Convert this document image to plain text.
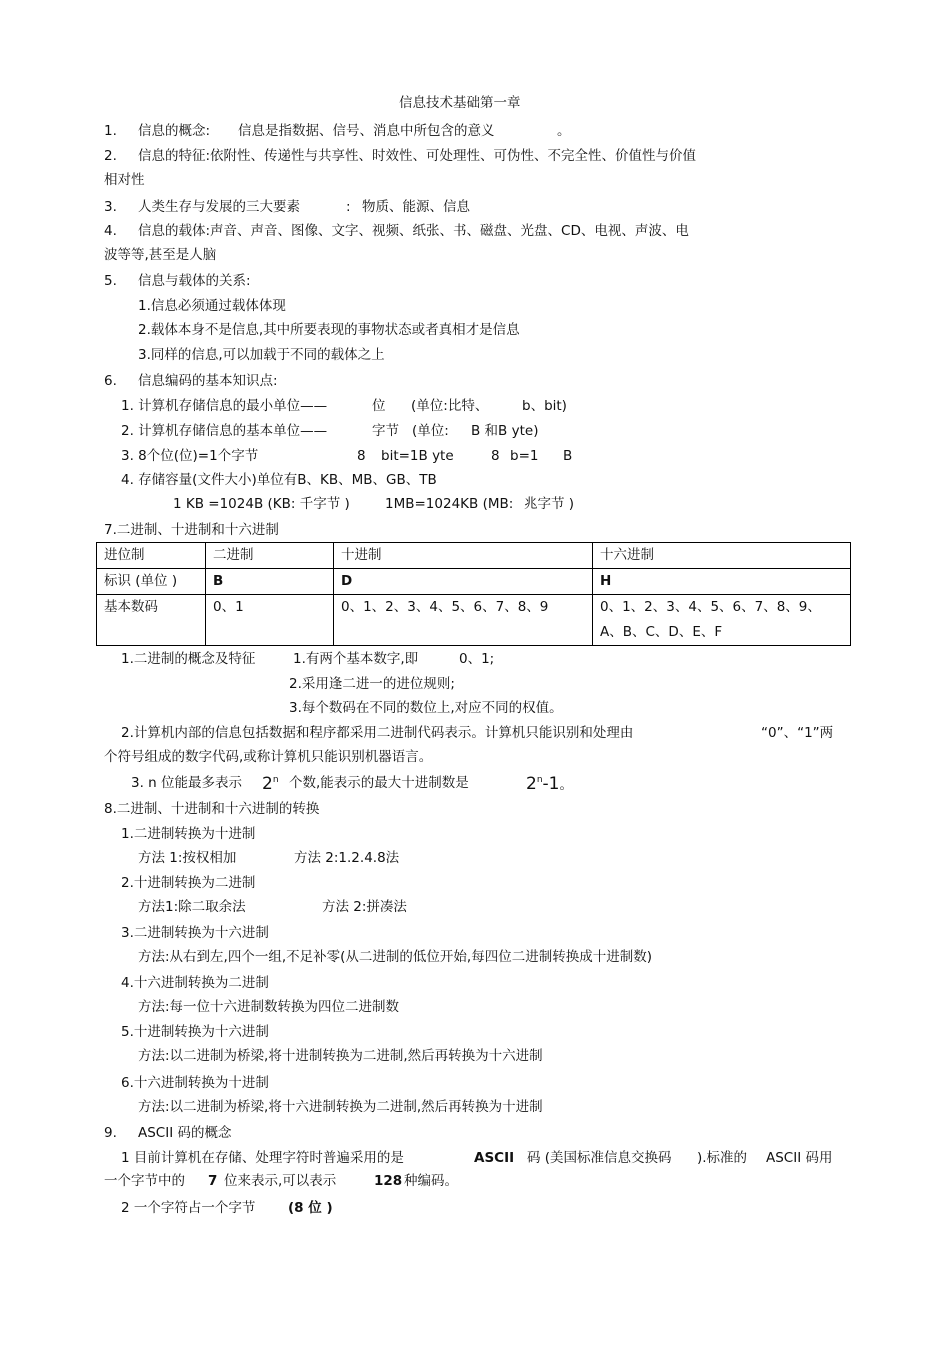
信息技术基础第一章
1. 信息的概念: 信息是指数据、信号、消息中所包含的意义	。
2. 信息的特征:依附性、传递性与共享性、时效性、可处理性、可伪性、不完全性、价值性与价值
相对性
3. 人类生存与发展的三大要素	: 物质、能源、信息
4. 信息的载体:声音、声音、图像、文字、视频、纸张、书、磁盘、光盘、CD、电视、声波、电
波等等,甚至是人脑
5. 信息与载体的关系:
1.信息必须通过载体体现
2.载体本身不是信息,其中所要表现的事物状态或者真相才是信息
3.同样的信息,可以加载于不同的载体之上
6. 信息编码的基本知识点:
1. 计算机存储信息的最小单位——	位 (单位:比特、 b、bit)
2. 计算机存储信息的基本单位——	字节 (单位: B 和B yte)
3. 8个位(位)=1个字节	8 bit=1B yte	8 b=1 B
4. 存储容量(文件大小)单位有B、KB、MB、GB、TB
1 KB =1024B (KB: 千字节 )	1MB=1024KB (MB: 兆字节 )
7.二进制、十进制和十六进制
进位制	二进制	十进制	十六进制
标识 (单位 )	B	D	H
基本数码	0、1	0、1、2、3、4、5、6、7、8、9	0、1、2、3、4、5、6、7、8、9、
A、B、C、D、E、F
1.二进制的概念及特征	1.有两个基本数字,即	0、1;
2.采用逢二进一的进位规则;
3.每个数码在不同的数位上,对应不同的权值。
2.计算机内部的信息包括数据和程序都采用二进制代码表示。计算机只能识别和处理由	“0”、“1”两
个符号组成的数字代码,或称计算机只能识别机器语言。
3. n 位能最多表示 2$^n$ 个数,能表示的最大十进制数是	2$^n$-1。
8.二进制、十进制和十六进制的转换
1.二进制转换为十进制
方法 1:按权相加	方法 2:1.2.4.8法
2.十进制转换为二进制
方法1:除二取余法	方法 2:拼凑法
3.二进制转换为十六进制
方法:从右到左,四个一组,不足补零(从二进制的低位开始,每四位二进制转换成十进制数)
4.十六进制转换为二进制
方法:每一位十六进制数转换为四位二进制数
5.十进制转换为十六进制
方法:以二进制为桥梁,将十进制转换为二进制,然后再转换为十六进制
6.十六进制转换为十进制
方法:以二进制为桥梁,将十六进制转换为二进制,然后再转换为十进制
9. ASCII 码的概念
1 目前计算机在存储、处理字符时普遍采用的是	ASCII 码 (美国标准信息交换码 ).标准的 ASCII 码用
一个字节中的 7 位来表示,可以表示	128 种编码。
2 一个字符占一个字节 (8 位 )
